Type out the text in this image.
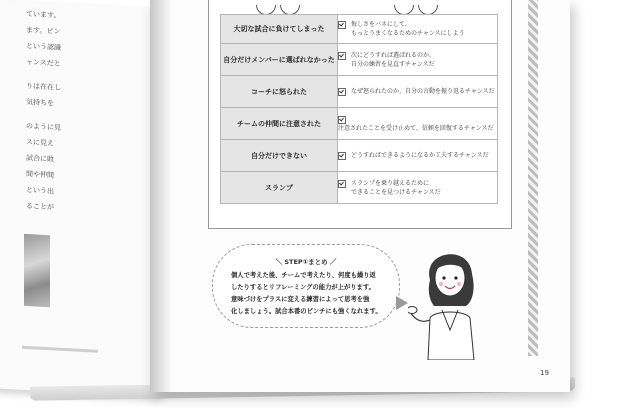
ています。

ます。ピン

という認識

ャンスだと

りは在在し

気持ちを

のように見

スに見え

試合に敗

間や仲間

という出

ることが

大切な試合に負けてしまった	悔しさをバネにして、
もっとうまくなるためのチャンスにしよう
自分だけメンバーに選ばれなかった	次にどうすれば選ばれるのか、
自分の練習を見直すチャンスだ
コーチに怒られた	なぜ怒られたのか、自分の言動を振り返るチャンスだ
チームの仲間に注意された	注意されたことを受け止めて、信頼を回復するチャンスだ
自分だけできない	どうすればできるようになるか工夫するチャンスだ
スランプ	スランプを乗り越えるために
できることを見つけるチャンスだ
＼ STEP①まとめ ／
個人で考えた後、チームで考えたり、何度も繰り返
したりするとリフレーミングの能力が上がります。
意味づけをプラスに変える練習によって思考を強
化しましょう。試合本番のピンチにも強くなれます。
19
